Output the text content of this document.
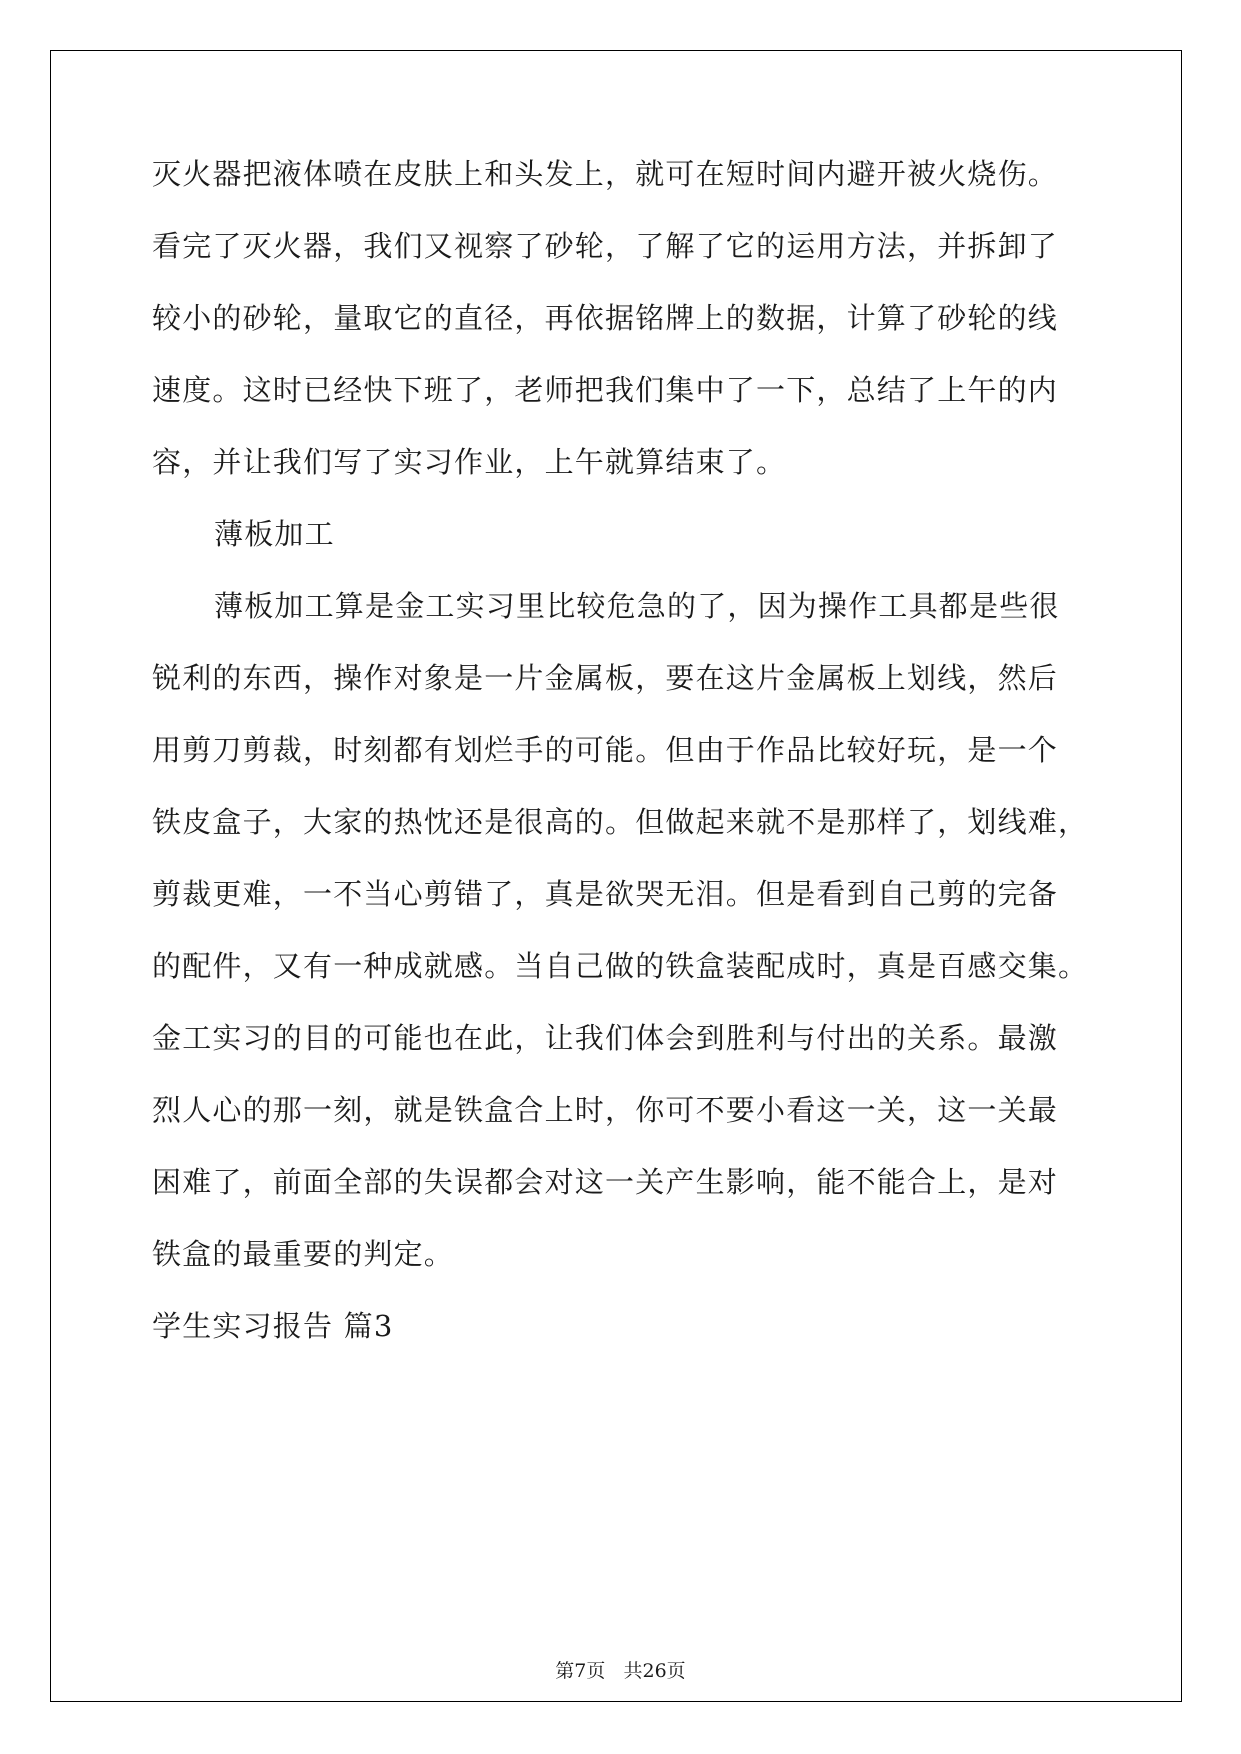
灭火器把液体喷在皮肤上和头发上，就可在短时间内避开被火烧伤。
看完了灭火器，我们又视察了砂轮，了解了它的运用方法，并拆卸了
较小的砂轮，量取它的直径，再依据铭牌上的数据，计算了砂轮的线
速度。这时已经快下班了，老师把我们集中了一下，总结了上午的内
容，并让我们写了实习作业，上午就算结束了。
薄板加工
薄板加工算是金工实习里比较危急的了，因为操作工具都是些很
锐利的东西，操作对象是一片金属板，要在这片金属板上划线，然后
用剪刀剪裁，时刻都有划烂手的可能。但由于作品比较好玩，是一个
铁皮盒子，大家的热忱还是很高的。但做起来就不是那样了，划线难，
剪裁更难，一不当心剪错了，真是欲哭无泪。但是看到自己剪的完备
的配件，又有一种成就感。当自己做的铁盒装配成时，真是百感交集。
金工实习的目的可能也在此，让我们体会到胜利与付出的关系。最激
烈人心的那一刻，就是铁盒合上时，你可不要小看这一关，这一关最
困难了，前面全部的失误都会对这一关产生影响，能不能合上，是对
铁盒的最重要的判定。
学生实习报告 篇3
第7页   共26页
